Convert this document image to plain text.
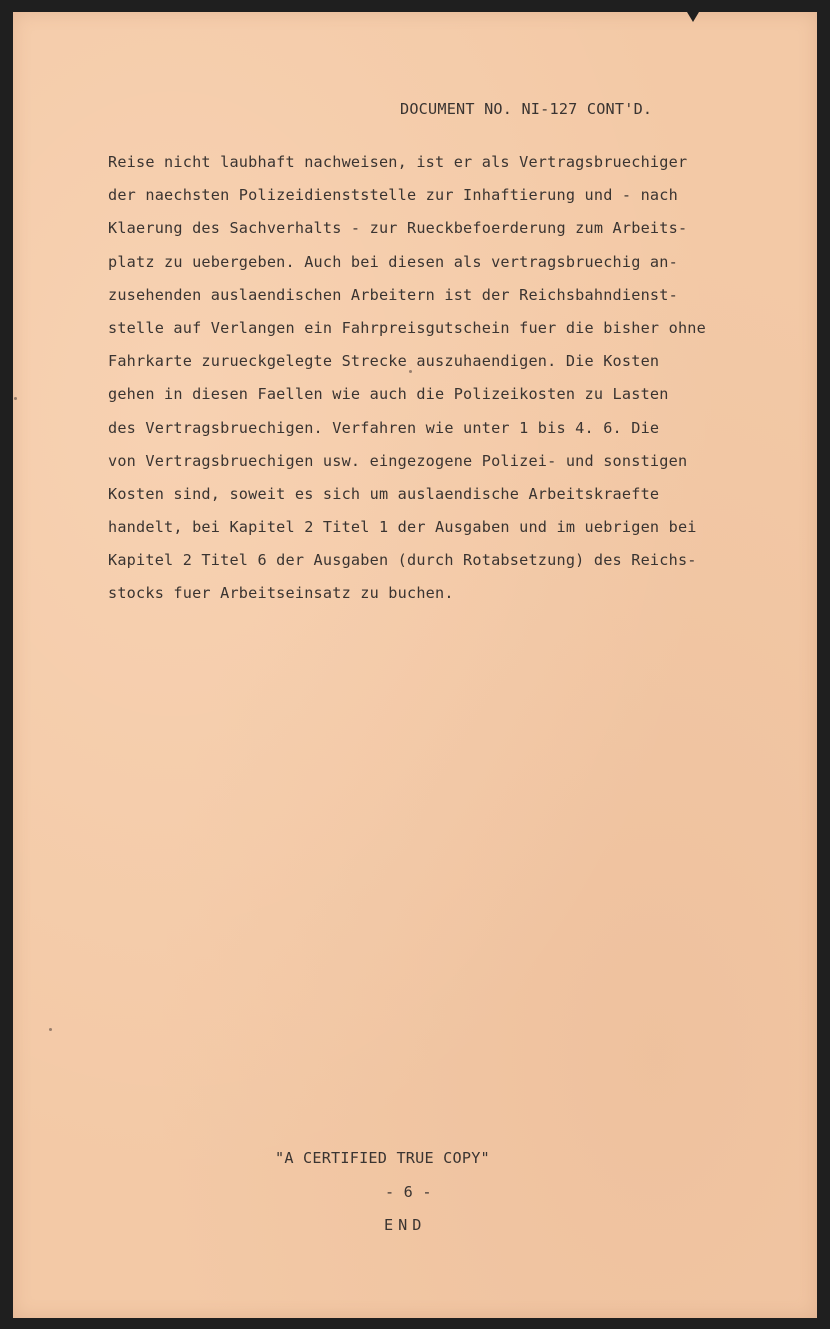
DOCUMENT NO. NI-127 CONT'D.
Reise nicht laubhaft nachweisen, ist er als Vertragsbruechiger
der naechsten Polizeidienststelle zur Inhaftierung und - nach
Klaerung des Sachverhalts - zur Rueckbefoerderung zum Arbeits-
platz zu uebergeben. Auch bei diesen als vertragsbruechig an-
zusehenden auslaendischen Arbeitern ist der Reichsbahndienst-
stelle auf Verlangen ein Fahrpreisgutschein fuer die bisher ohne
Fahrkarte zurueckgelegte Strecke auszuhaendigen. Die Kosten
gehen in diesen Faellen wie auch die Polizeikosten zu Lasten
des Vertragsbruechigen. Verfahren wie unter 1 bis 4. 6. Die
von Vertragsbruechigen usw. eingezogene Polizei- und sonstigen
Kosten sind, soweit es sich um auslaendische Arbeitskraefte
handelt, bei Kapitel 2 Titel 1 der Ausgaben und im uebrigen bei
Kapitel 2 Titel 6 der Ausgaben (durch Rotabsetzung) des Reichs-
stocks fuer Arbeitseinsatz zu buchen.
"A CERTIFIED TRUE COPY"
- 6 -
END
